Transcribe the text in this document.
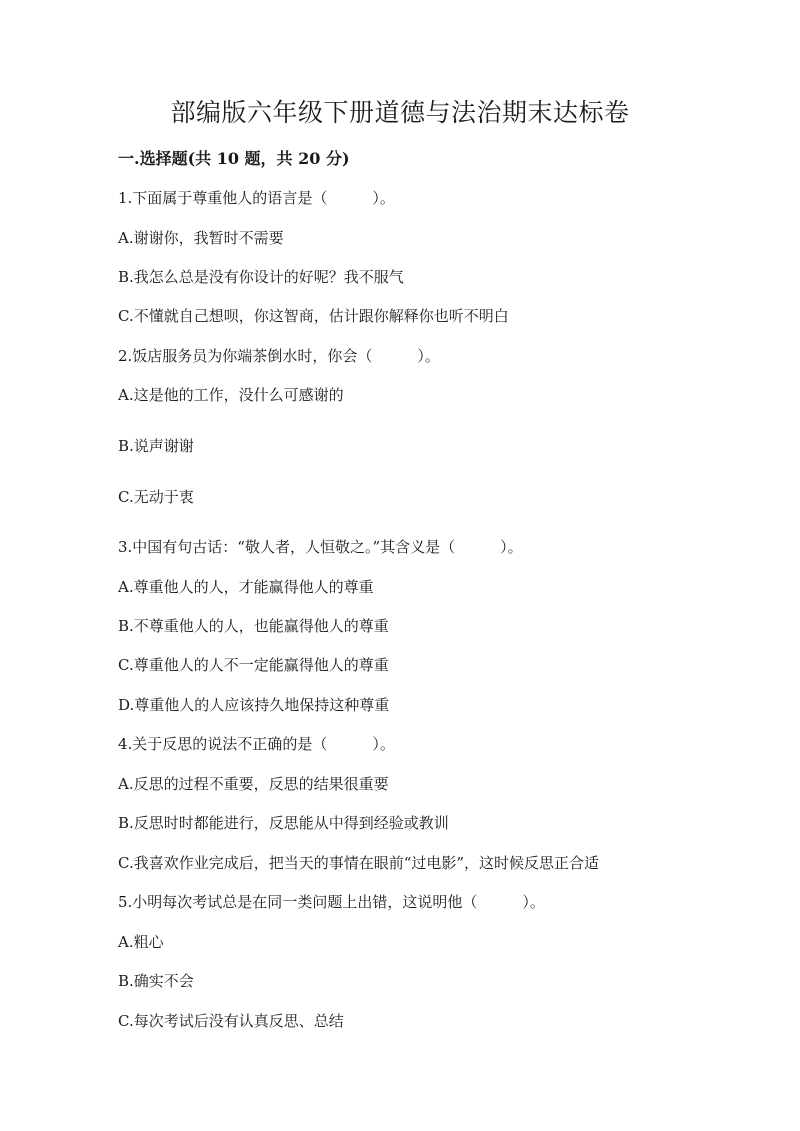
部编版六年级下册道德与法治期末达标卷
一.选择题(共 10 题，共 20 分)
1.下面属于尊重他人的语言是（　　　）。
A.谢谢你，我暂时不需要
B.我怎么总是没有你设计的好呢？我不服气
C.不懂就自己想呗，你这智商，估计跟你解释你也听不明白
2.饭店服务员为你端茶倒水时，你会（　　　）。
A.这是他的工作，没什么可感谢的
B.说声谢谢
C.无动于衷
3.中国有句古话：“敬人者，人恒敬之。”其含义是（　　　）。
A.尊重他人的人，才能赢得他人的尊重
B.不尊重他人的人，也能赢得他人的尊重
C.尊重他人的人不一定能赢得他人的尊重
D.尊重他人的人应该持久地保持这种尊重
4.关于反思的说法不正确的是（　　　）。
A.反思的过程不重要，反思的结果很重要
B.反思时时都能进行，反思能从中得到经验或教训
C.我喜欢作业完成后，把当天的事情在眼前“过电影”，这时候反思正合适
5.小明每次考试总是在同一类问题上出错，这说明他（　　　）。
A.粗心
B.确实不会
C.每次考试后没有认真反思、总结
